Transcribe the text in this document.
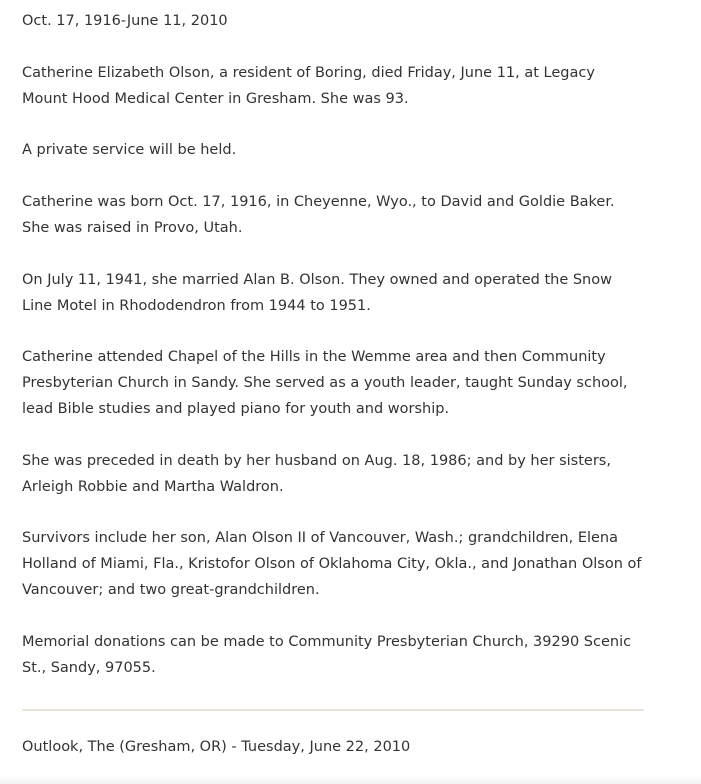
Oct. 17, 1916-June 11, 2010

Catherine Elizabeth Olson, a resident of Boring, died Friday, June 11, at Legacy Mount Hood Medical Center in Gresham. She was 93.

A private service will be held.

Catherine was born Oct. 17, 1916, in Cheyenne, Wyo., to David and Goldie Baker. She was raised in Provo, Utah.

On July 11, 1941, she married Alan B. Olson. They owned and operated the Snow Line Motel in Rhododendron from 1944 to 1951.

Catherine attended Chapel of the Hills in the Wemme area and then Community Presbyterian Church in Sandy. She served as a youth leader, taught Sunday school, lead Bible studies and played piano for youth and worship.

She was preceded in death by her husband on Aug. 18, 1986; and by her sisters, Arleigh Robbie and Martha Waldron.

Survivors include her son, Alan Olson II of Vancouver, Wash.; grandchildren, Elena Holland of Miami, Fla., Kristofor Olson of Oklahoma City, Okla., and Jonathan Olson of Vancouver; and two great-grandchildren.

Memorial donations can be made to Community Presbyterian Church, 39290 Scenic St., Sandy, 97055.

Outlook, The (Gresham, OR) - Tuesday, June 22, 2010
